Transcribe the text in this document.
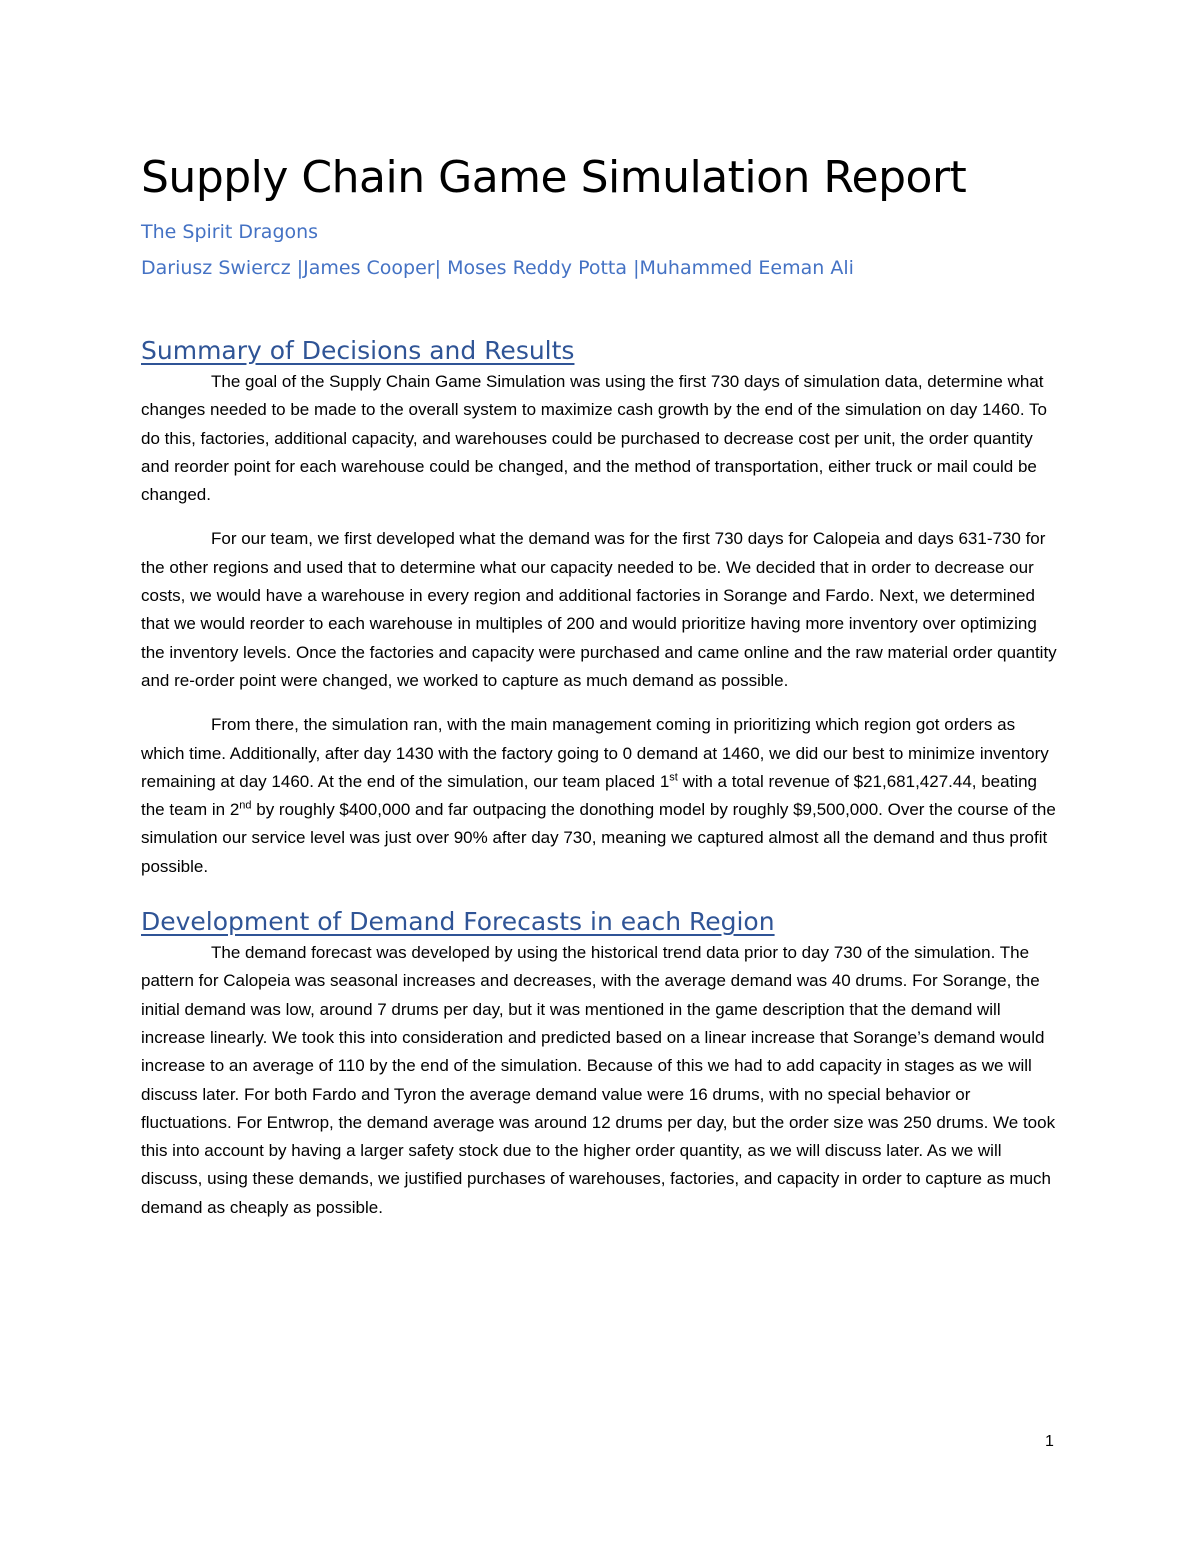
Supply Chain Game Simulation Report
The Spirit Dragons
Dariusz Swiercz |James Cooper| Moses Reddy Potta |Muhammed Eeman Ali
Summary of Decisions and Results

The goal of the Supply Chain Game Simulation was using the first 730 days of simulation data, determine what changes needed to be made to the overall system to maximize cash growth by the end of the simulation on day 1460. To do this, factories, additional capacity, and warehouses could be purchased to decrease cost per unit, the order quantity and reorder point for each warehouse could be changed, and the method of transportation, either truck or mail could be changed.

For our team, we first developed what the demand was for the first 730 days for Calopeia and days 631-730 for the other regions and used that to determine what our capacity needed to be. We decided that in order to decrease our costs, we would have a warehouse in every region and additional factories in Sorange and Fardo. Next, we determined that we would reorder to each warehouse in multiples of 200 and would prioritize having more inventory over optimizing the inventory levels. Once the factories and capacity were purchased and came online and the raw material order quantity and re-order point were changed, we worked to capture as much demand as possible.

From there, the simulation ran, with the main management coming in prioritizing which region got orders as which time. Additionally, after day 1430 with the factory going to 0 demand at 1460, we did our best to minimize inventory remaining at day 1460. At the end of the simulation, our team placed 1st with a total revenue of $21,681,427.44, beating the team in 2nd by roughly $400,000 and far outpacing the donothing model by roughly $9,500,000. Over the course of the simulation our service level was just over 90% after day 730, meaning we captured almost all the demand and thus profit possible.

Development of Demand Forecasts in each Region

The demand forecast was developed by using the historical trend data prior to day 730 of the simulation. The pattern for Calopeia was seasonal increases and decreases, with the average demand was 40 drums. For Sorange, the initial demand was low, around 7 drums per day, but it was mentioned in the game description that the demand will increase linearly. We took this into consideration and predicted based on a linear increase that Sorange’s demand would increase to an average of 110 by the end of the simulation. Because of this we had to add capacity in stages as we will discuss later. For both Fardo and Tyron the average demand value were 16 drums, with no special behavior or fluctuations. For Entwrop, the demand average was around 12 drums per day, but the order size was 250 drums. We took this into account by having a larger safety stock due to the higher order quantity, as we will discuss later. As we will discuss, using these demands, we justified purchases of warehouses, factories, and capacity in order to capture as much demand as cheaply as possible.

1
